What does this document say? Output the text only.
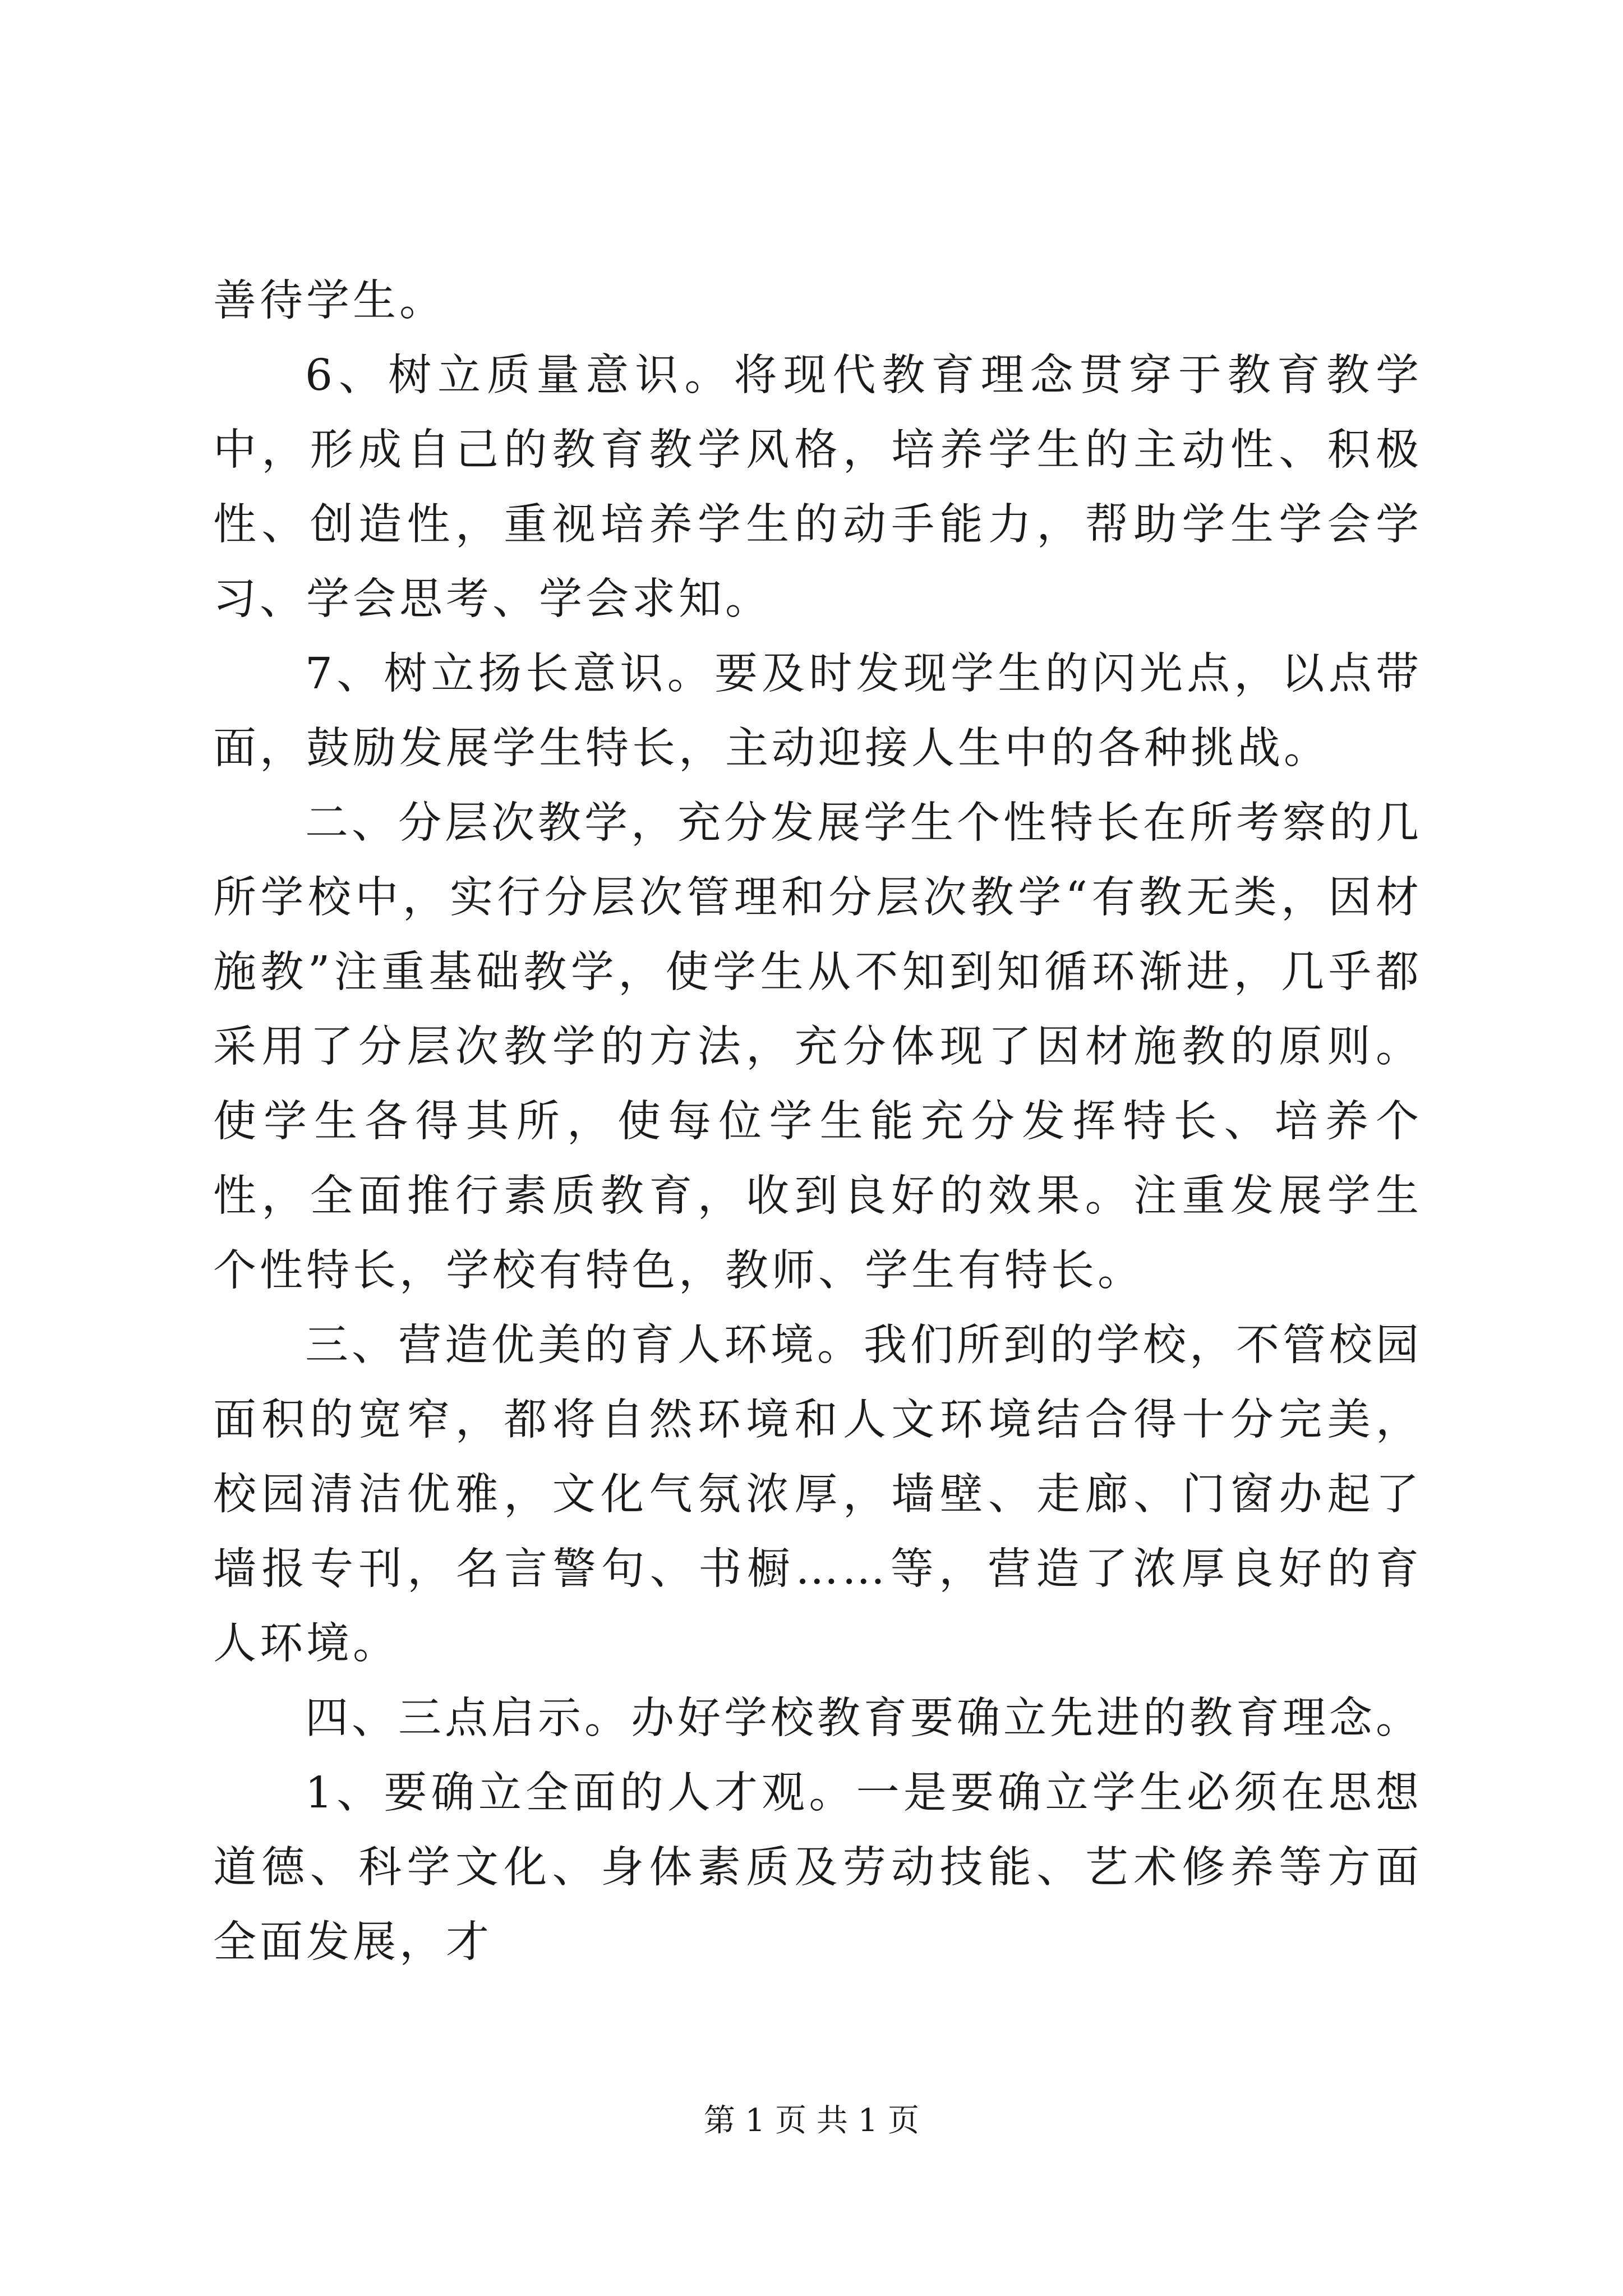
善待学生。

6、树立质量意识。将现代教育理念贯穿于教育教学中，形成自己的教育教学风格，培养学生的主动性、积极性、创造性，重视培养学生的动手能力，帮助学生学会学习、学会思考、学会求知。

7、树立扬长意识。要及时发现学生的闪光点，以点带面，鼓励发展学生特长，主动迎接人生中的各种挑战。

二、分层次教学，充分发展学生个性特长在所考察的几所学校中，实行分层次管理和分层次教学“有教无类，因材施教”注重基础教学，使学生从不知到知循环渐进，几乎都采用了分层次教学的方法，充分体现了因材施教的原则。使学生各得其所，使每位学生能充分发挥特长、培养个性，全面推行素质教育，收到良好的效果。注重发展学生个性特长，学校有特色，教师、学生有特长。

三、营造优美的育人环境。我们所到的学校，不管校园面积的宽窄，都将自然环境和人文环境结合得十分完美，校园清洁优雅，文化气氛浓厚，墙壁、走廊、门窗办起了墙报专刊，名言警句、书橱……等，营造了浓厚良好的育人环境。

四、三点启示。办好学校教育要确立先进的教育理念。

1、要确立全面的人才观。一是要确立学生必须在思想道德、科学文化、身体素质及劳动技能、艺术修养等方面全面发展，才

第 1 页 共 1 页
